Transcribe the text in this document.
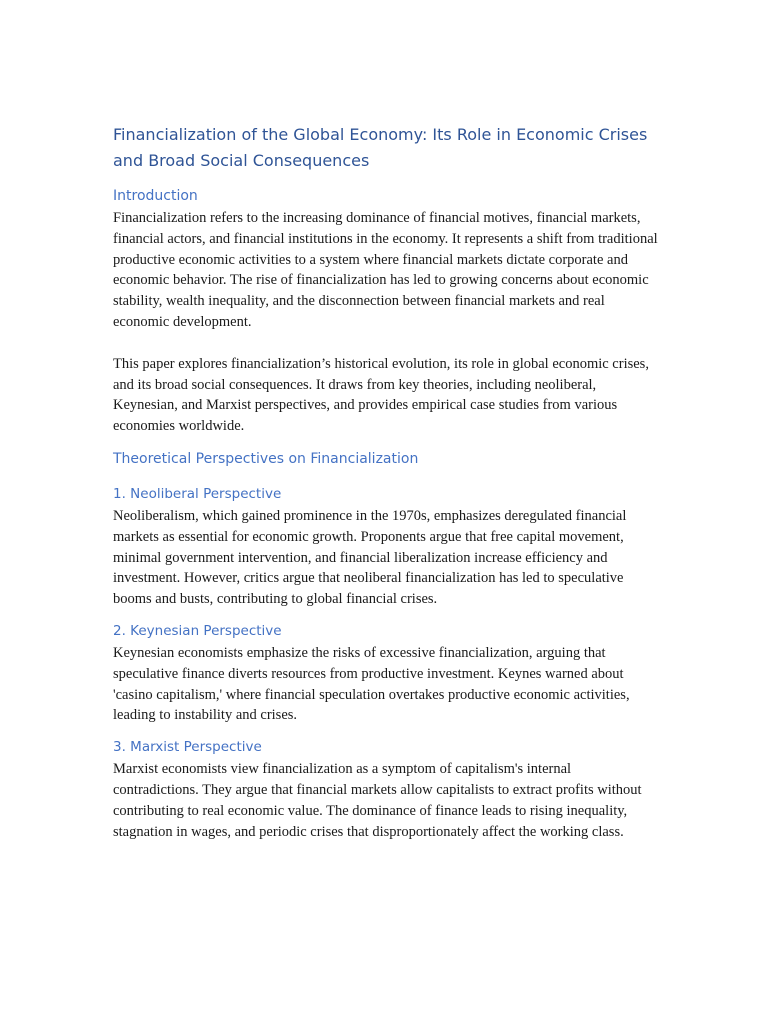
Financialization of the Global Economy: Its Role in Economic Crises and Broad Social Consequences
Introduction

Financialization refers to the increasing dominance of financial motives, financial markets, financial actors, and financial institutions in the economy. It represents a shift from traditional productive economic activities to a system where financial markets dictate corporate and economic behavior. The rise of financialization has led to growing concerns about economic stability, wealth inequality, and the disconnection between financial markets and real economic development.

This paper explores financialization’s historical evolution, its role in global economic crises, and its broad social consequences. It draws from key theories, including neoliberal, Keynesian, and Marxist perspectives, and provides empirical case studies from various economies worldwide.

Theoretical Perspectives on Financialization
1. Neoliberal Perspective

Neoliberalism, which gained prominence in the 1970s, emphasizes deregulated financial markets as essential for economic growth. Proponents argue that free capital movement, minimal government intervention, and financial liberalization increase efficiency and investment. However, critics argue that neoliberal financialization has led to speculative booms and busts, contributing to global financial crises.

2. Keynesian Perspective

Keynesian economists emphasize the risks of excessive financialization, arguing that speculative finance diverts resources from productive investment. Keynes warned about 'casino capitalism,' where financial speculation overtakes productive economic activities, leading to instability and crises.

3. Marxist Perspective

Marxist economists view financialization as a symptom of capitalism's internal contradictions. They argue that financial markets allow capitalists to extract profits without contributing to real economic value. The dominance of finance leads to rising inequality, stagnation in wages, and periodic crises that disproportionately affect the working class.
